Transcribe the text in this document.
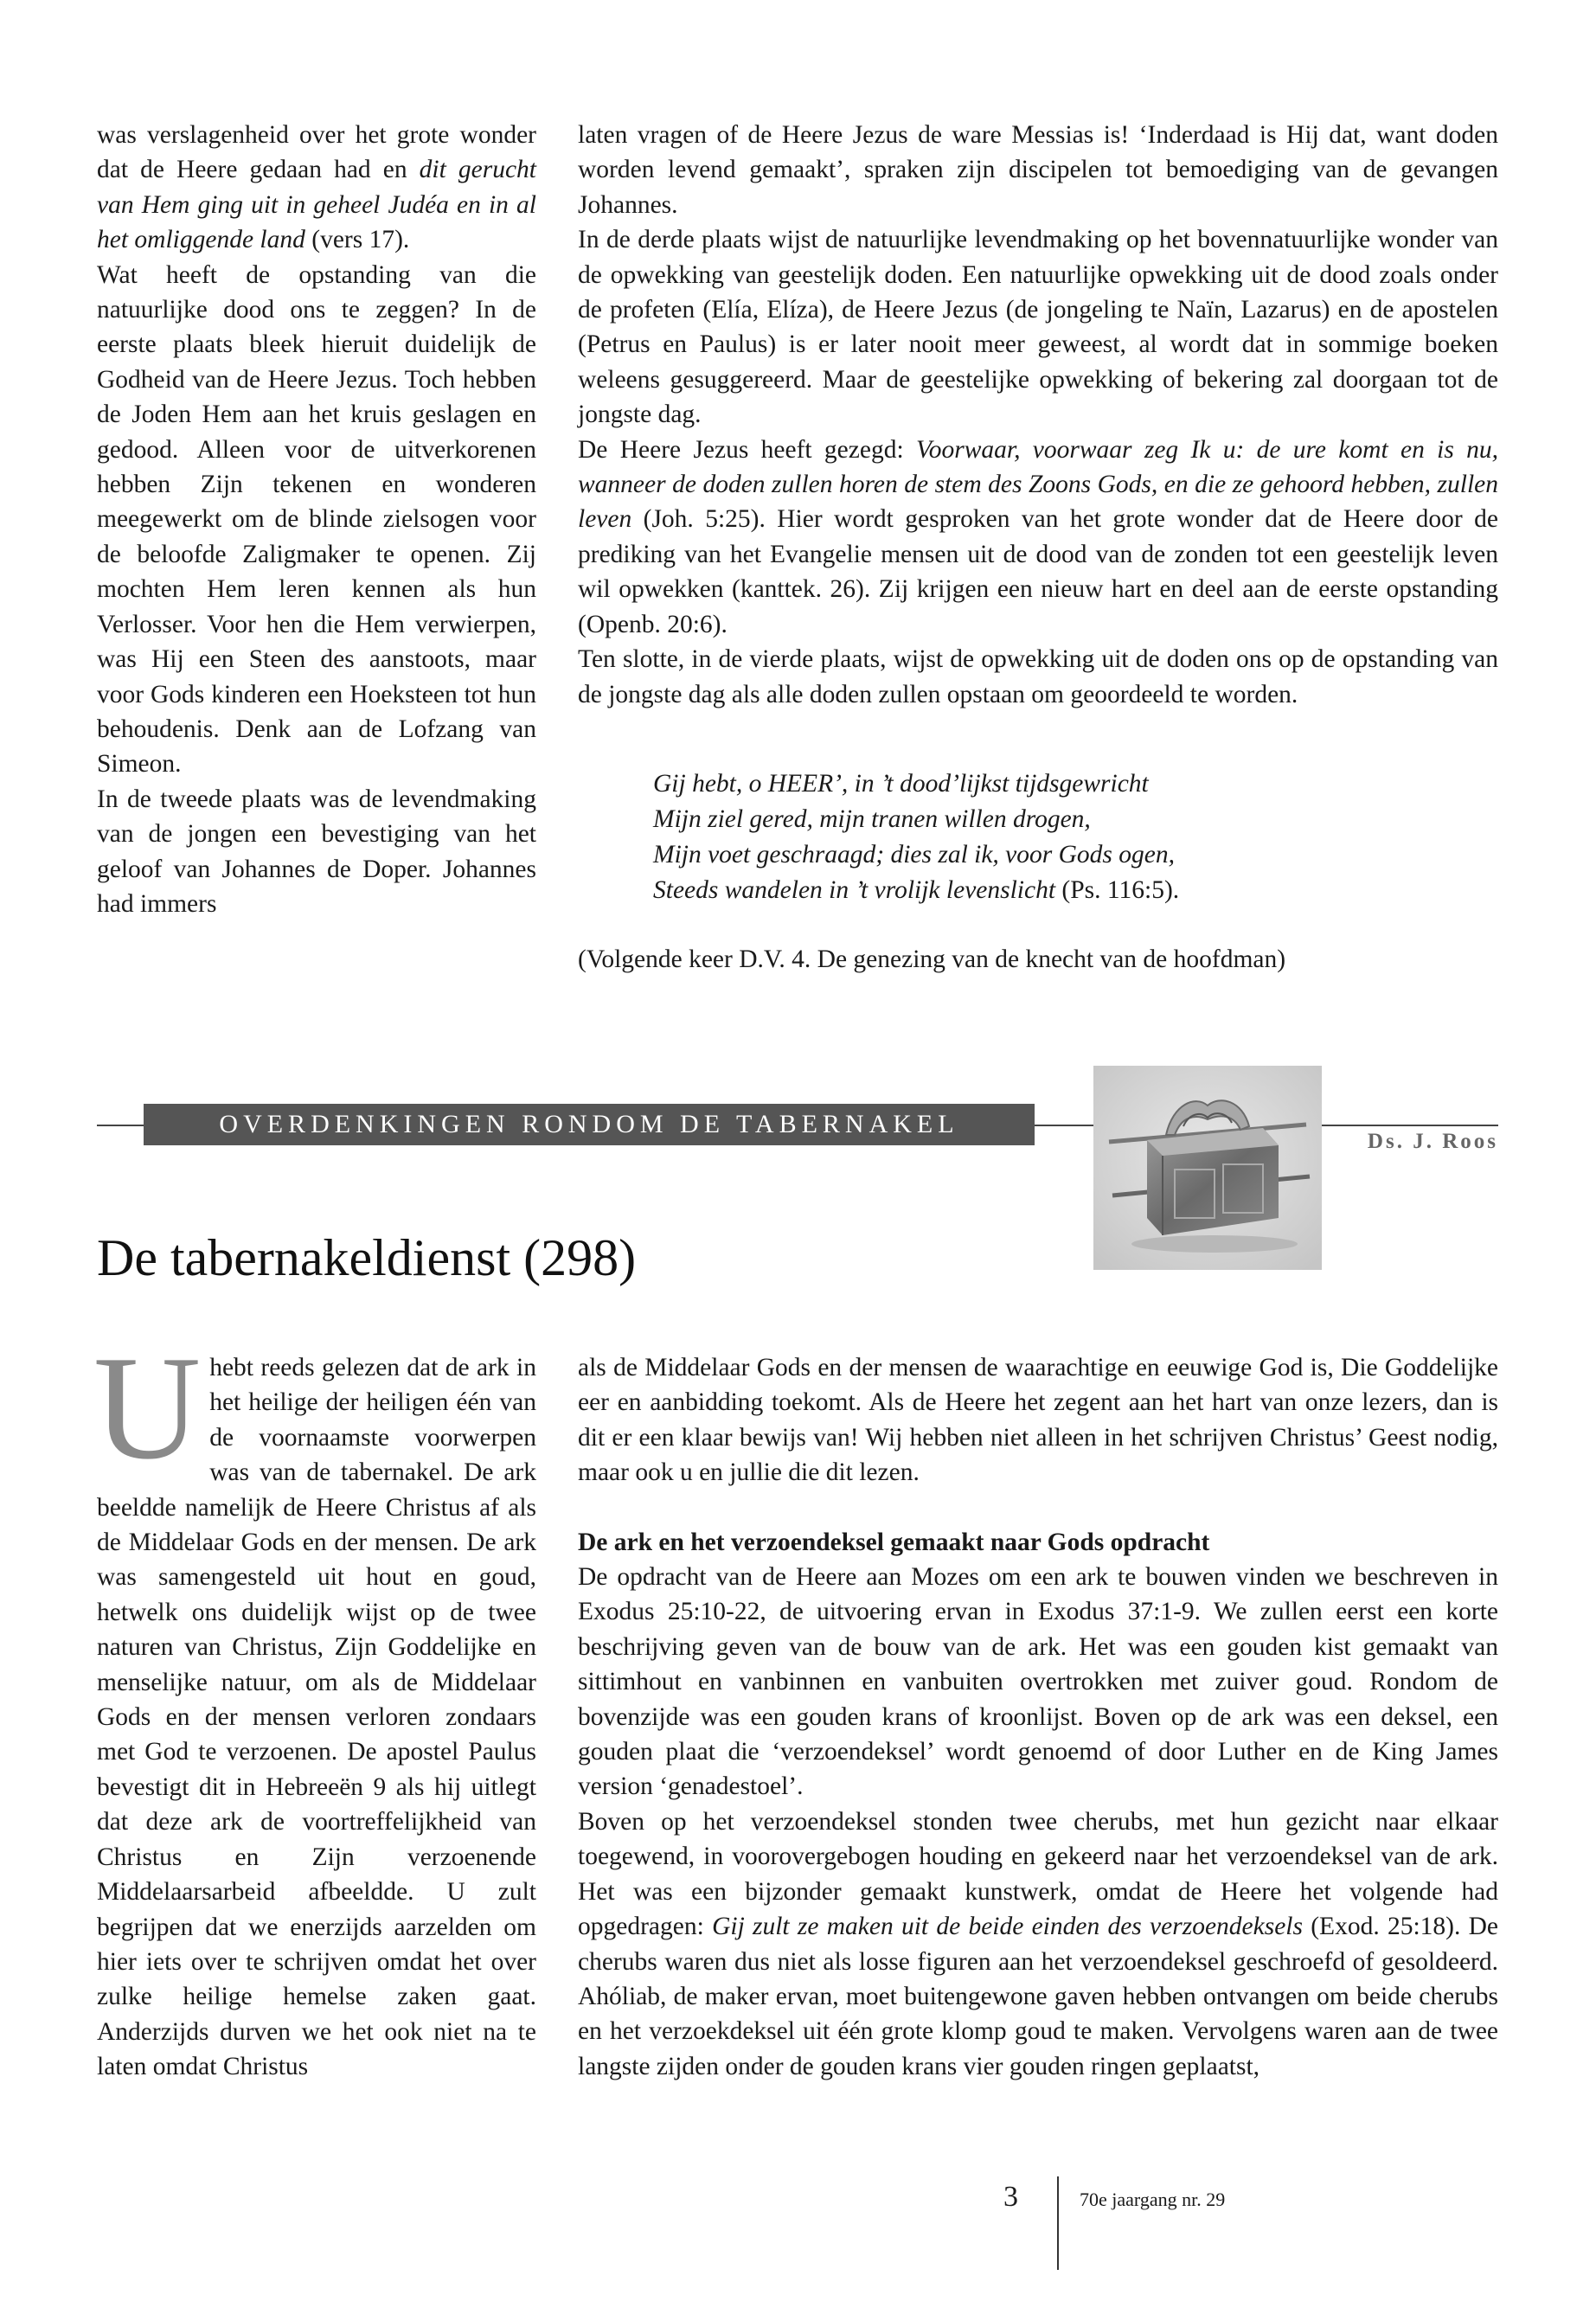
was verslagenheid over het grote wonder dat de Heere gedaan had en dit gerucht van Hem ging uit in geheel Judéa en in al het omliggende land (vers 17).

Wat heeft de opstanding van die natuurlijke dood ons te zeggen? In de eerste plaats bleek hieruit duidelijk de Godheid van de Heere Jezus. Toch hebben de Joden Hem aan het kruis geslagen en gedood. Alleen voor de uitverkorenen hebben Zijn tekenen en wonderen meegewerkt om de blinde zielsogen voor de beloofde Zaligmaker te openen. Zij mochten Hem leren kennen als hun Verlosser. Voor hen die Hem verwierpen, was Hij een Steen des aanstoots, maar voor Gods kinderen een Hoeksteen tot hun behoudenis. Denk aan de Lofzang van Simeon.

In de tweede plaats was de levendmaking van de jongen een bevestiging van het geloof van Johannes de Doper. Johannes had immers

laten vragen of de Heere Jezus de ware Messias is! ‘Inderdaad is Hij dat, want doden worden levend gemaakt’, spraken zijn discipelen tot bemoediging van de gevangen Johannes.

In de derde plaats wijst de natuurlijke levendmaking op het bovennatuurlijke wonder van de opwekking van geestelijk doden. Een natuurlijke opwekking uit de dood zoals onder de profeten (Elía, Elíza), de Heere Jezus (de jongeling te Naïn, Lazarus) en de apostelen (Petrus en Paulus) is er later nooit meer geweest, al wordt dat in sommige boeken weleens gesuggereerd. Maar de geestelijke opwekking of bekering zal doorgaan tot de jongste dag.

De Heere Jezus heeft gezegd: Voorwaar, voorwaar zeg Ik u: de ure komt en is nu, wanneer de doden zullen horen de stem des Zoons Gods, en die ze gehoord hebben, zullen leven (Joh. 5:25). Hier wordt gesproken van het grote wonder dat de Heere door de prediking van het Evangelie mensen uit de dood van de zonden tot een geestelijk leven wil opwekken (kanttek. 26). Zij krijgen een nieuw hart en deel aan de eerste opstanding (Openb. 20:6).

Ten slotte, in de vierde plaats, wijst de opwekking uit de doden ons op de opstanding van de jongste dag als alle doden zullen opstaan om geoordeeld te worden.

Gij hebt, o HEER’, in ’t dood’lijkst tijdsgewricht
Mijn ziel gered, mijn tranen willen drogen,
Mijn voet geschraagd; dies zal ik, voor Gods ogen,
Steeds wandelen in ’t vrolijk levenslicht (Ps. 116:5).
(Volgende keer D.V. 4. De genezing van de knecht van de hoofdman)
OVERDENKINGEN RONDOM DE TABERNAKEL
Ds. J. Roos
De tabernakeldienst (298)

U hebt reeds gelezen dat de ark in het heilige der heiligen één van de voornaamste voorwerpen was van de tabernakel. De ark beeldde namelijk de Heere Christus af als de Middelaar Gods en der mensen. De ark was samengesteld uit hout en goud, hetwelk ons duidelijk wijst op de twee naturen van Christus, Zijn Goddelijke en menselijke natuur, om als de Middelaar Gods en der mensen verloren zondaars met God te verzoenen. De apostel Paulus bevestigt dit in Hebreeën 9 als hij uitlegt dat deze ark de voortreffelijkheid van Christus en Zijn verzoenende Middelaarsarbeid afbeeldde. U zult begrijpen dat we enerzijds aarzelden om hier iets over te schrijven omdat het over zulke heilige hemelse zaken gaat. Anderzijds durven we het ook niet na te laten omdat Christus

als de Middelaar Gods en der mensen de waarachtige en eeuwige God is, Die Goddelijke eer en aanbidding toekomt. Als de Heere het zegent aan het hart van onze lezers, dan is dit er een klaar bewijs van! Wij hebben niet alleen in het schrijven Christus’ Geest nodig, maar ook u en jullie die dit lezen.

De ark en het verzoendeksel gemaakt naar Gods opdracht

De opdracht van de Heere aan Mozes om een ark te bouwen vinden we beschreven in Exodus 25:10-22, de uitvoering ervan in Exodus 37:1-9. We zullen eerst een korte beschrijving geven van de bouw van de ark. Het was een gouden kist gemaakt van sittimhout en vanbinnen en vanbuiten overtrokken met zuiver goud. Rondom de bovenzijde was een gouden krans of kroonlijst. Boven op de ark was een deksel, een gouden plaat die ‘verzoendeksel’ wordt genoemd of door Luther en de King James version ‘genadestoel’.

Boven op het verzoendeksel stonden twee cherubs, met hun gezicht naar elkaar toegewend, in voorovergebogen houding en gekeerd naar het verzoendeksel van de ark. Het was een bijzonder gemaakt kunstwerk, omdat de Heere het volgende had opgedragen: Gij zult ze maken uit de beide einden des verzoendeksels (Exod. 25:18). De cherubs waren dus niet als losse figuren aan het verzoendeksel geschroefd of gesoldeerd. Ahóliab, de maker ervan, moet buitengewone gaven hebben ontvangen om beide cherubs en het verzoekdeksel uit één grote klomp goud te maken. Vervolgens waren aan de twee langste zijden onder de gouden krans vier gouden ringen geplaatst,

3	70e jaargang nr. 29
